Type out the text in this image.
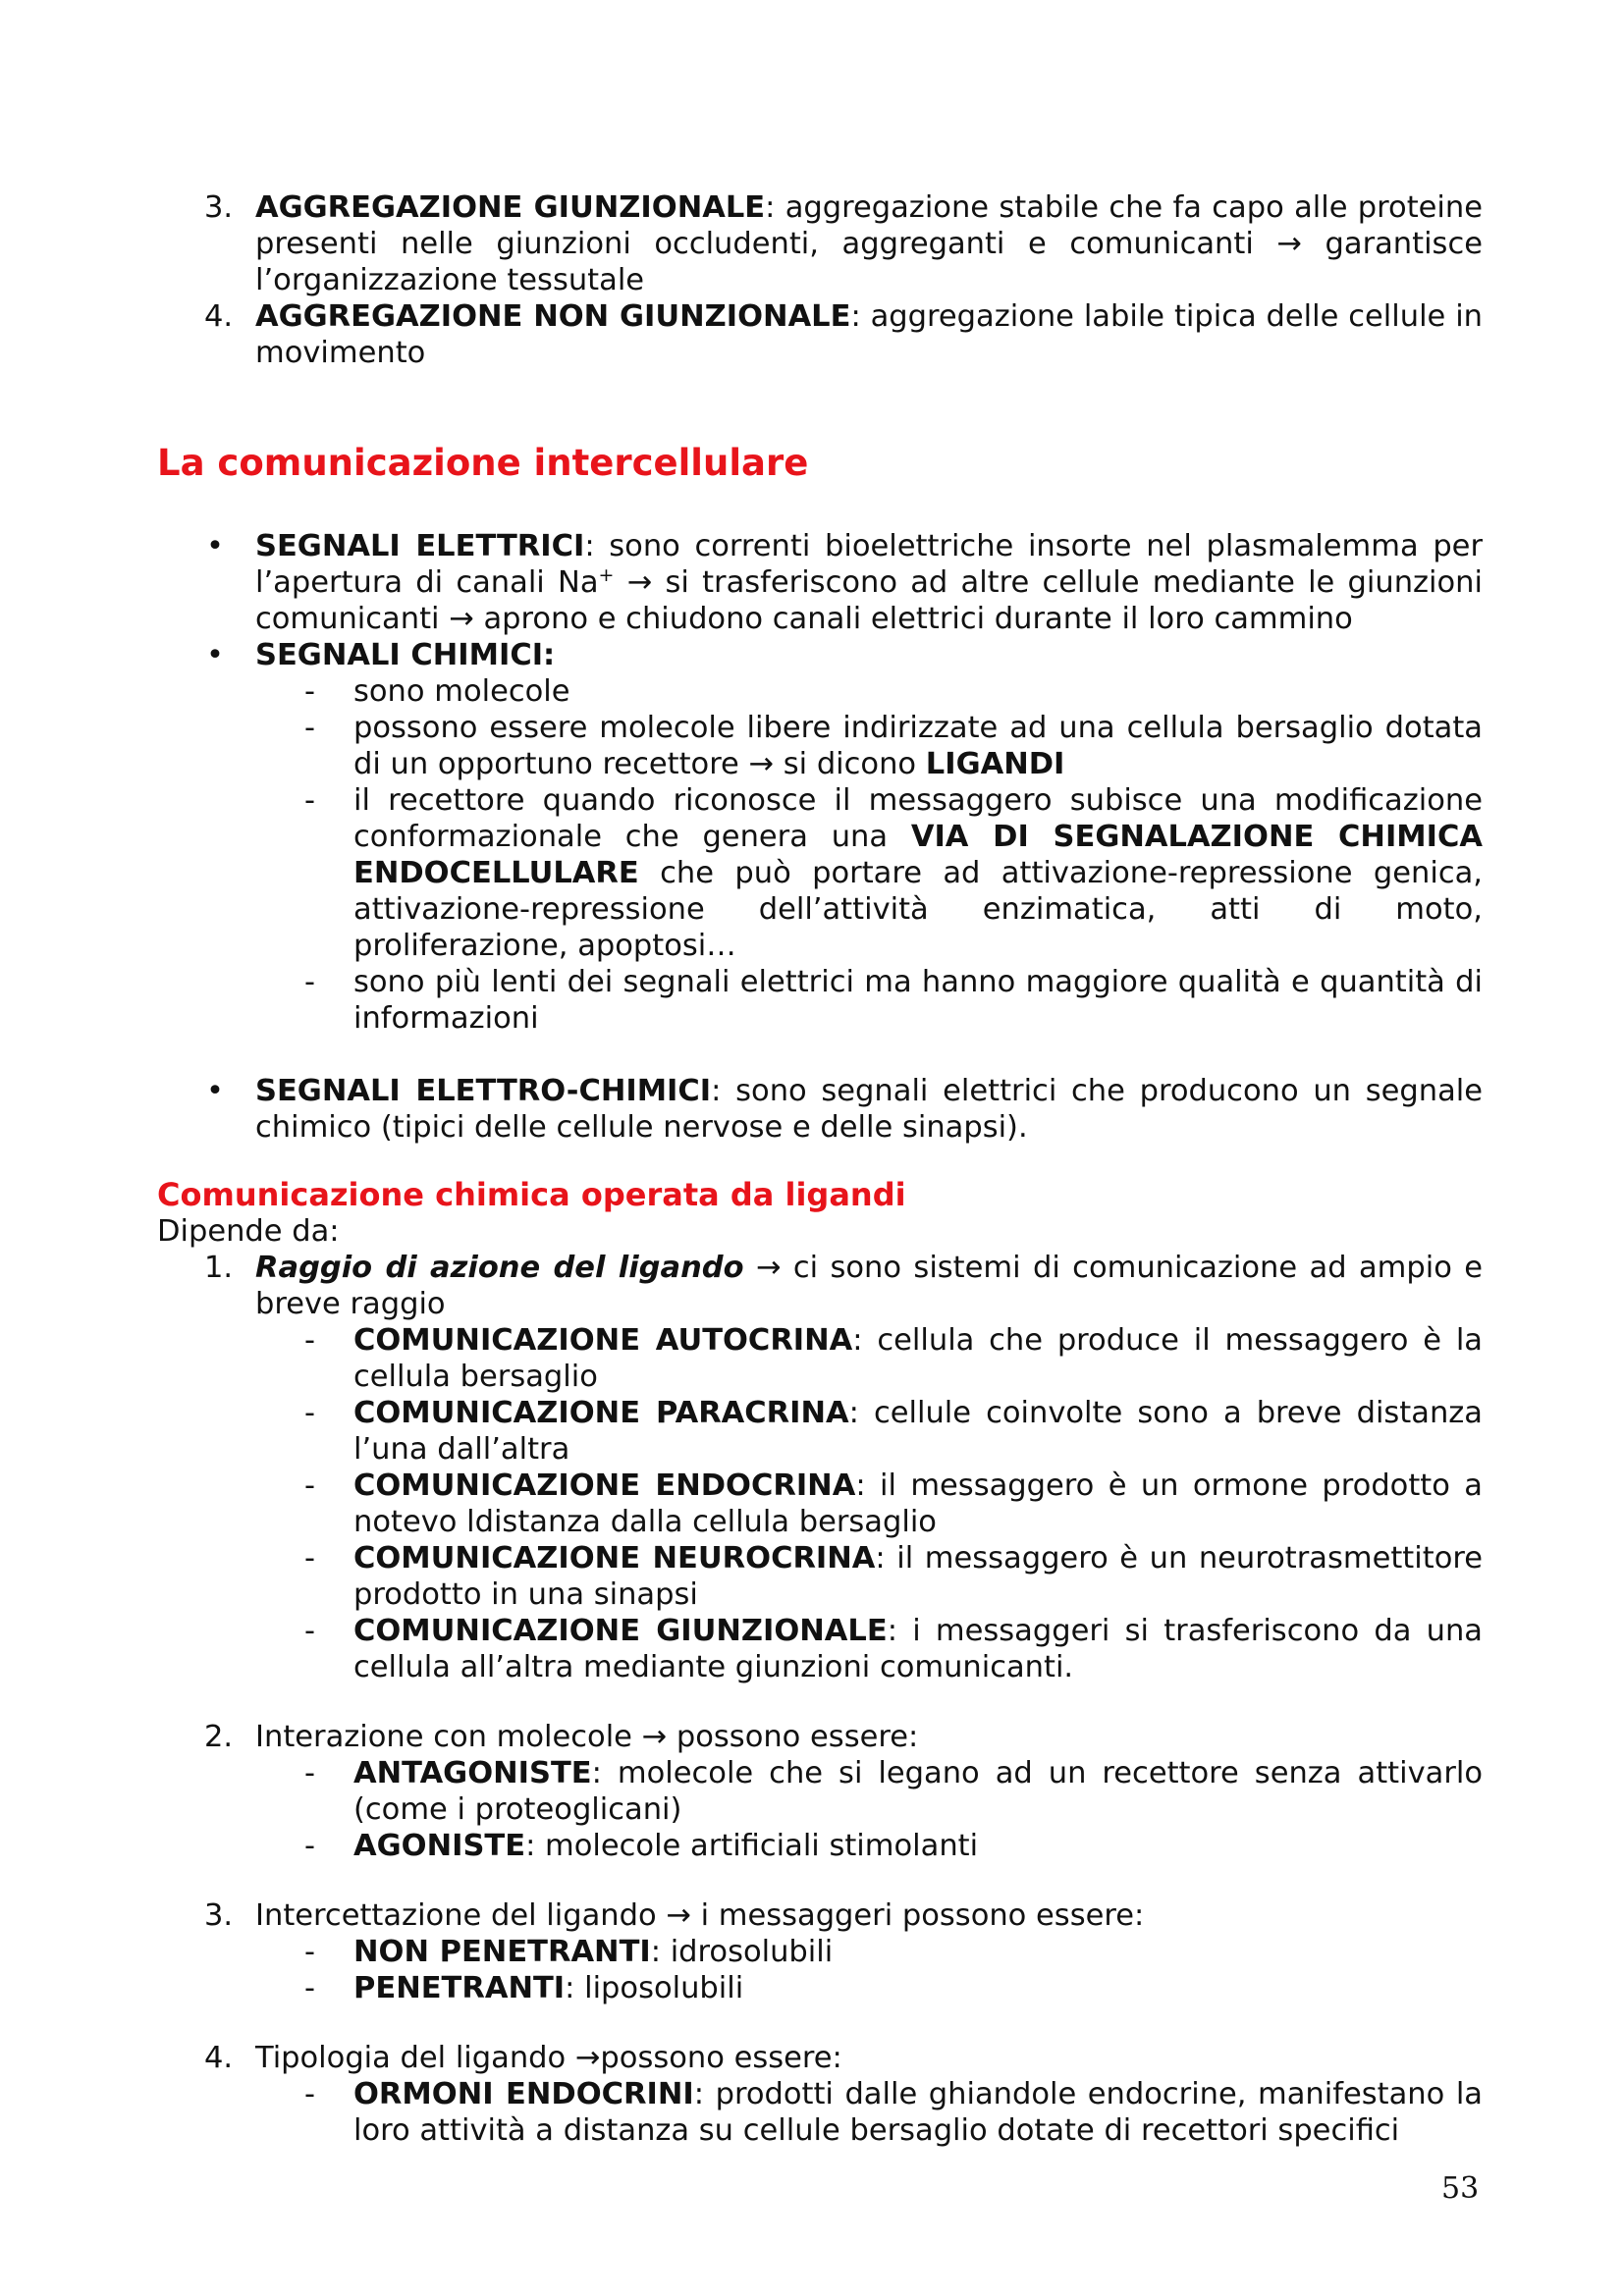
3. AGGREGAZIONE GIUNZIONALE: aggregazione stabile che fa capo alle proteine presenti nelle giunzioni occludenti, aggreganti e comunicanti → garantisce l’organizzazione tessutale
4. AGGREGAZIONE NON GIUNZIONALE: aggregazione labile tipica delle cellule in movimento
La comunicazione intercellulare
• SEGNALI ELETTRICI: sono correnti bioelettriche insorte nel plasmalemma per l’apertura di canali Na+ → si trasferiscono ad altre cellule mediante le giunzioni comunicanti → aprono e chiudono canali elettrici durante il loro cammino
• SEGNALI CHIMICI:
- sono molecole
- possono essere molecole libere indirizzate ad una cellula bersaglio dotata di un opportuno recettore → si dicono LIGANDI
- il recettore quando riconosce il messaggero subisce una modificazione conformazionale che genera una VIA DI SEGNALAZIONE CHIMICA ENDOCELLULARE che può portare ad attivazione-repressione genica, attivazione-repressione dell’attività enzimatica, atti di moto, proliferazione, apoptosi…
- sono più lenti dei segnali elettrici ma hanno maggiore qualità e quantità di informazioni
• SEGNALI ELETTRO-CHIMICI: sono segnali elettrici che producono un segnale chimico (tipici delle cellule nervose e delle sinapsi).
Comunicazione chimica operata da ligandi
Dipende da:
1. Raggio di azione del ligando → ci sono sistemi di comunicazione ad ampio e breve raggio
- COMUNICAZIONE AUTOCRINA: cellula che produce il messaggero è la cellula bersaglio
- COMUNICAZIONE PARACRINA: cellule coinvolte sono a breve distanza l’una dall’altra
- COMUNICAZIONE ENDOCRINA: il messaggero è un ormone prodotto a notevo ldistanza dalla cellula bersaglio
- COMUNICAZIONE NEUROCRINA: il messaggero è un neurotrasmettitore prodotto in una sinapsi
- COMUNICAZIONE GIUNZIONALE: i messaggeri si trasferiscono da una cellula all’altra mediante giunzioni comunicanti.
2. Interazione con molecole → possono essere:
- ANTAGONISTE: molecole che si legano ad un recettore senza attivarlo (come i proteoglicani)
- AGONISTE: molecole artificiali stimolanti
3. Intercettazione del ligando → i messaggeri possono essere:
- NON PENETRANTI: idrosolubili
- PENETRANTI: liposolubili
4. Tipologia del ligando →possono essere:
- ORMONI ENDOCRINI: prodotti dalle ghiandole endocrine, manifestano la loro attività a distanza su cellule bersaglio dotate di recettori specifici
53
